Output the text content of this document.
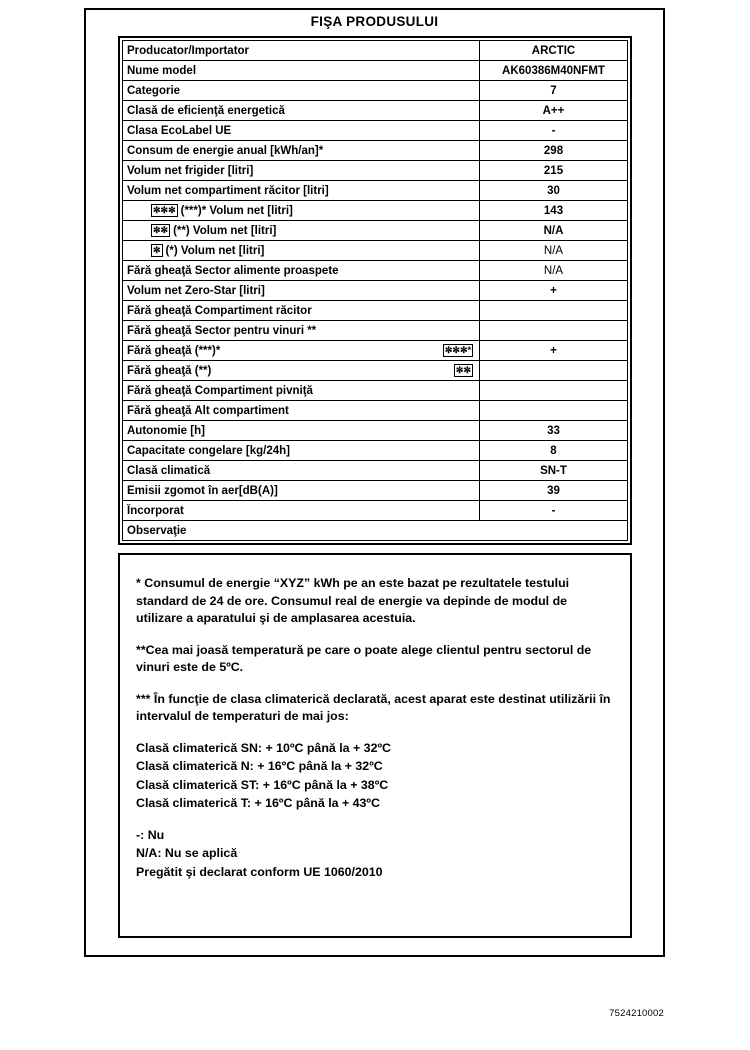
FIŞA PRODUSULUI
Producator/Importator	ARCTIC

Nume model	AK60386M40NFMT

Categorie	7

Clasă de eficienţă energetică	A++

Clasa EcoLabel UE	-

Consum de energie anual [kWh/an]*	298

Volum net frigider [litri]	215

Volum net compartiment răcitor [litri]	30

✼✼✼ (***)* Volum net [litri]	143

✼✼ (**) Volum net [litri]	N/A

✼ (*) Volum net [litri]	N/A

Fără gheaţă Sector alimente proaspete	N/A

Volum net Zero-Star [litri]	+

Fără gheaţă Compartiment răcitor	

Fără gheaţă Sector pentru vinuri **	

Fără gheaţă (***)* ✼✼✼*	+

Fără gheaţă (**) ✼✼	

Fără gheaţă Compartiment pivniţă	

Fără gheaţă Alt compartiment	

Autonomie [h]	33

Capacitate congelare [kg/24h]	8

Clasă climatică	SN-T

Emisii zgomot în aer[dB(A)]	39

Încorporat	-

Observaţie	

* Consumul de energie “XYZ” kWh pe an este bazat pe rezultatele testului standard de 24 de ore. Consumul real de energie va depinde de modul de utilizare a aparatului şi de amplasarea acestuia.

**Cea mai joasă temperatură pe care o poate alege clientul pentru sectorul de vinuri este de 5ºC.

*** În funcţie de clasa climaterică declarată, acest aparat este destinat utilizării în intervalul de temperaturi de mai jos:

Clasă climaterică SN: + 10ºC până la + 32ºC

Clasă climaterică N: + 16ºC până la + 32ºC

Clasă climaterică ST: + 16ºC până la + 38ºC

Clasă climaterică T: + 16ºC până la + 43ºC

-: Nu

N/A: Nu se aplică

Pregătit şi declarat conform UE 1060/2010

7524210002
